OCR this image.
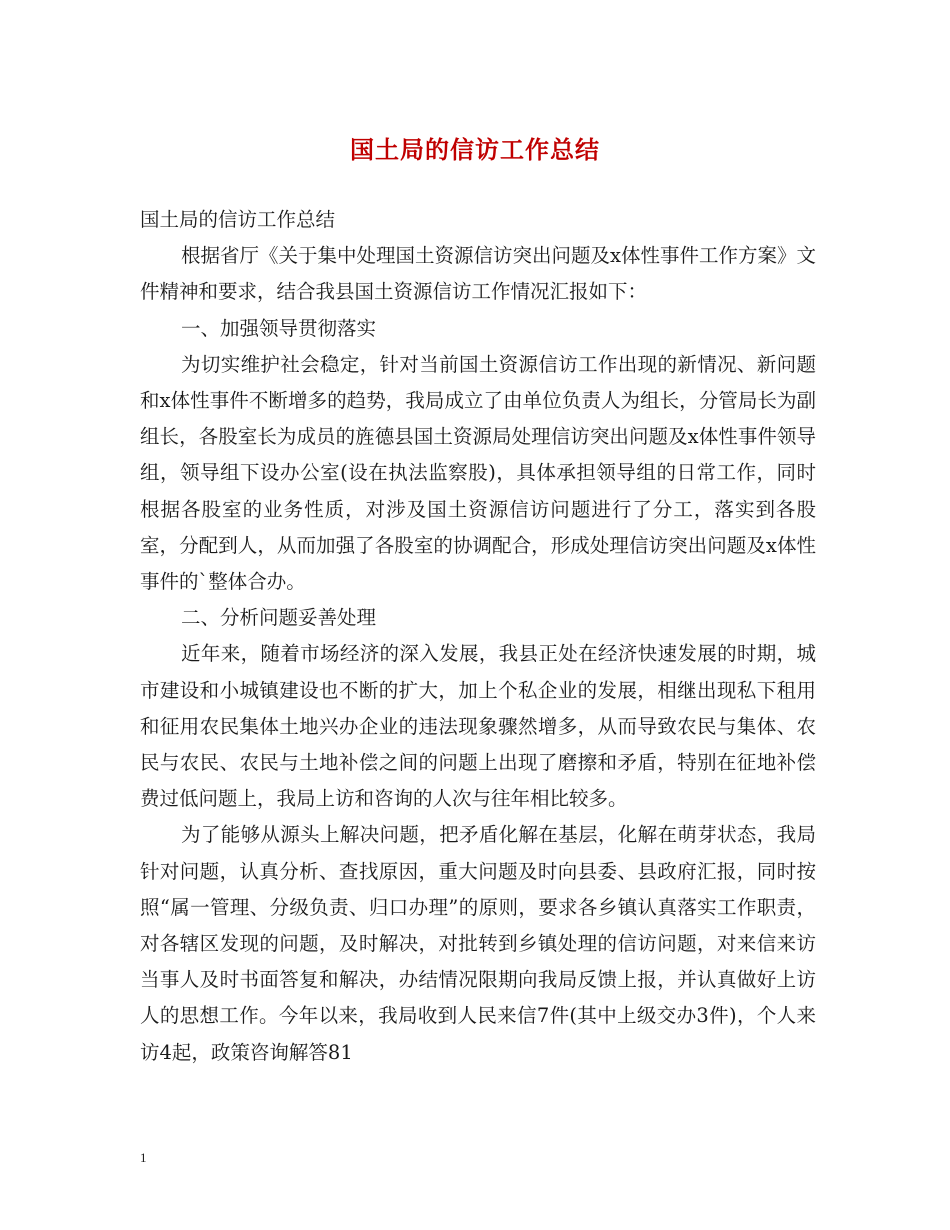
国土局的信访工作总结

国土局的信访工作总结

根据省厅《关于集中处理国土资源信访突出问题及x体性事件工作方案》文件精神和要求，结合我县国土资源信访工作情况汇报如下：

一、加强领导贯彻落实

为切实维护社会稳定，针对当前国土资源信访工作出现的新情况、新问题和x体性事件不断增多的趋势，我局成立了由单位负责人为组长，分管局长为副组长，各股室长为成员的旌德县国土资源局处理信访突出问题及x体性事件领导组，领导组下设办公室(设在执法监察股)，具体承担领导组的日常工作，同时根据各股室的业务性质，对涉及国土资源信访问题进行了分工，落实到各股室，分配到人，从而加强了各股室的协调配合，形成处理信访突出问题及x体性事件的`整体合办。

二、分析问题妥善处理

近年来，随着市场经济的深入发展，我县正处在经济快速发展的时期，城市建设和小城镇建设也不断的扩大，加上个私企业的发展，相继出现私下租用和征用农民集体土地兴办企业的违法现象骤然增多，从而导致农民与集体、农民与农民、农民与土地补偿之间的问题上出现了磨擦和矛盾，特别在征地补偿费过低问题上，我局上访和咨询的人次与往年相比较多。

为了能够从源头上解决问题，把矛盾化解在基层，化解在萌芽状态，我局针对问题，认真分析、查找原因，重大问题及时向县委、县政府汇报，同时按照“属一管理、分级负责、归口办理”的原则，要求各乡镇认真落实工作职责，对各辖区发现的问题，及时解决，对批转到乡镇处理的信访问题，对来信来访当事人及时书面答复和解决，办结情况限期向我局反馈上报，并认真做好上访人的思想工作。今年以来，我局收到人民来信7件(其中上级交办3件)，个人来访4起，政策咨询解答81

1
